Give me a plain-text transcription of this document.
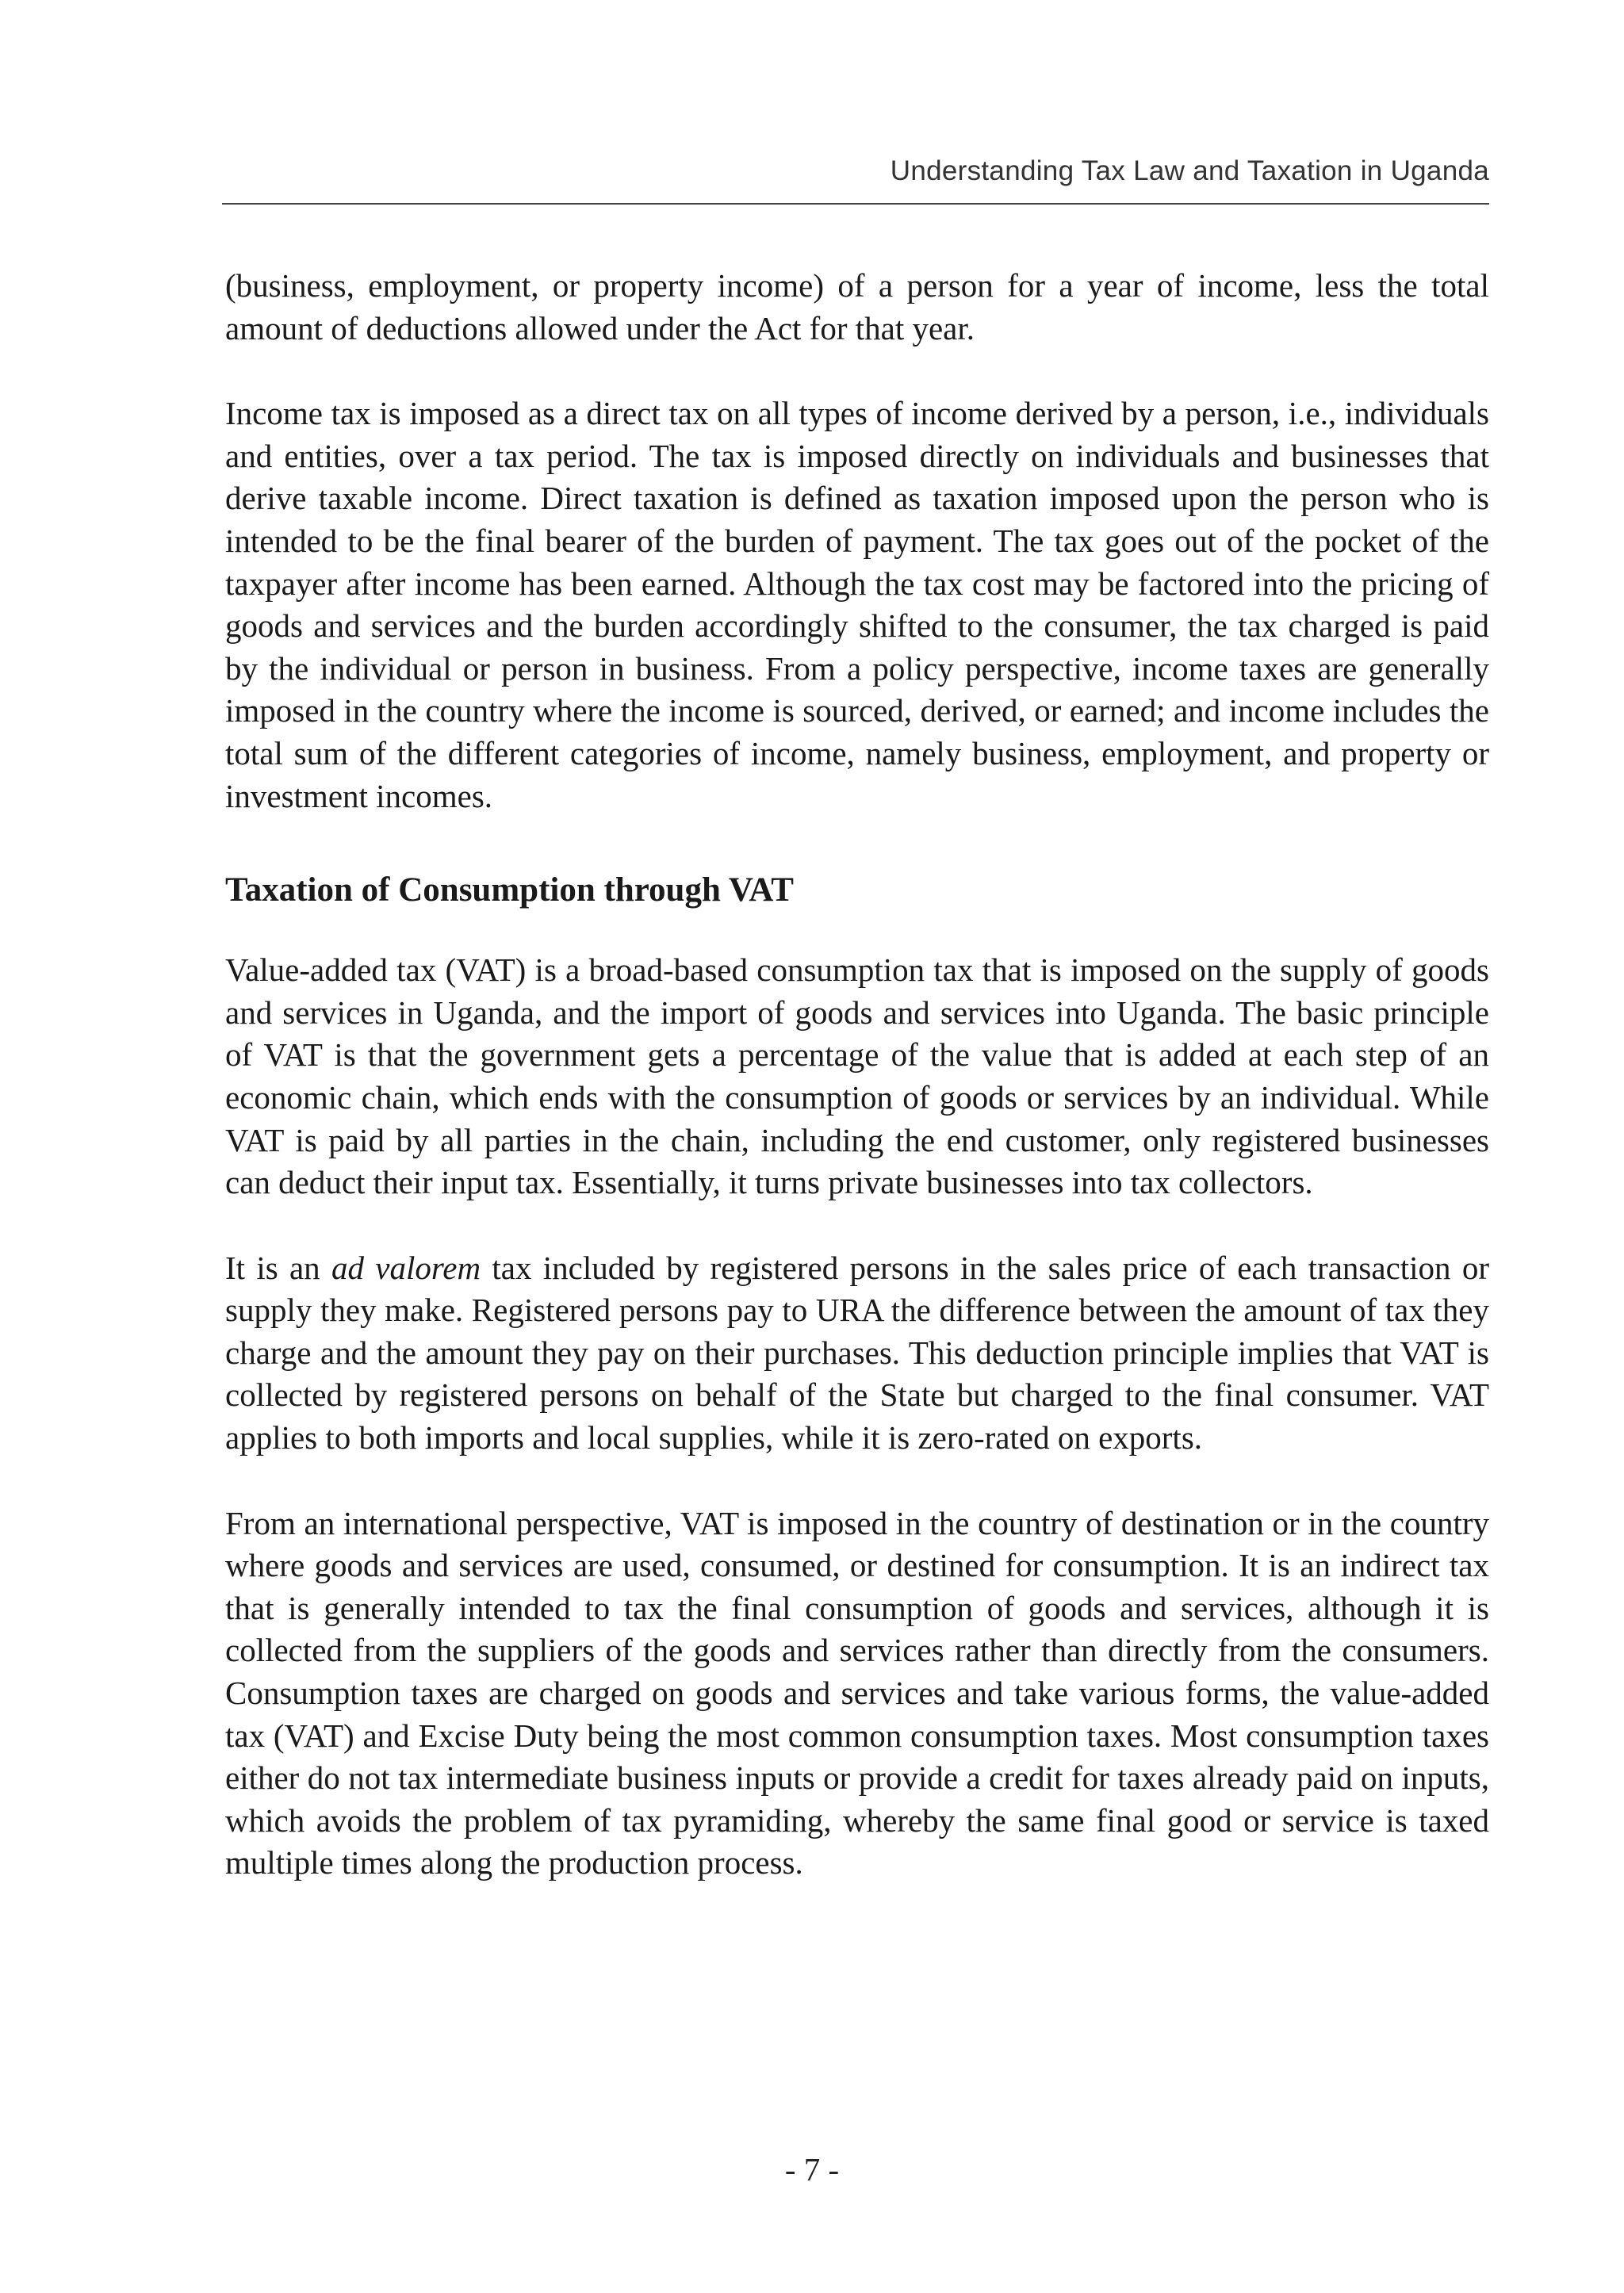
Understanding Tax Law and Taxation in Uganda

(business, employment, or property income) of a person for a year of income, less the total amount of deductions allowed under the Act for that year.

Income tax is imposed as a direct tax on all types of income derived by a person, i.e., individuals and entities, over a tax period. The tax is imposed directly on individuals and businesses that derive taxable income. Direct taxation is defined as taxation imposed upon the person who is intended to be the final bearer of the burden of payment. The tax goes out of the pocket of the taxpayer after income has been earned. Although the tax cost may be factored into the pricing of goods and services and the burden accordingly shifted to the consumer, the tax charged is paid by the individual or person in business. From a policy perspective, income taxes are generally imposed in the country where the income is sourced, derived, or earned; and income includes the total sum of the different categories of income, namely business, employment, and property or investment incomes.

Taxation of Consumption through VAT

Value-added tax (VAT) is a broad-based consumption tax that is imposed on the supply of goods and services in Uganda, and the import of goods and services into Uganda. The basic principle of VAT is that the government gets a percentage of the value that is added at each step of an economic chain, which ends with the consumption of goods or services by an individual. While VAT is paid by all parties in the chain, including the end customer, only registered businesses can deduct their input tax. Essentially, it turns private businesses into tax collectors.

It is an ad valorem tax included by registered persons in the sales price of each transaction or supply they make. Registered persons pay to URA the difference between the amount of tax they charge and the amount they pay on their purchases. This deduction principle implies that VAT is collected by registered persons on behalf of the State but charged to the final consumer. VAT applies to both imports and local supplies, while it is zero-rated on exports.

From an international perspective, VAT is imposed in the country of destination or in the country where goods and services are used, consumed, or destined for consumption. It is an indirect tax that is generally intended to tax the final consumption of goods and services, although it is collected from the suppliers of the goods and services rather than directly from the consumers. Consumption taxes are charged on goods and services and take various forms, the value-added tax (VAT) and Excise Duty being the most common consumption taxes. Most consumption taxes either do not tax intermediate business inputs or provide a credit for taxes already paid on inputs, which avoids the problem of tax pyramiding, whereby the same final good or service is taxed multiple times along the production process.

- 7 -
